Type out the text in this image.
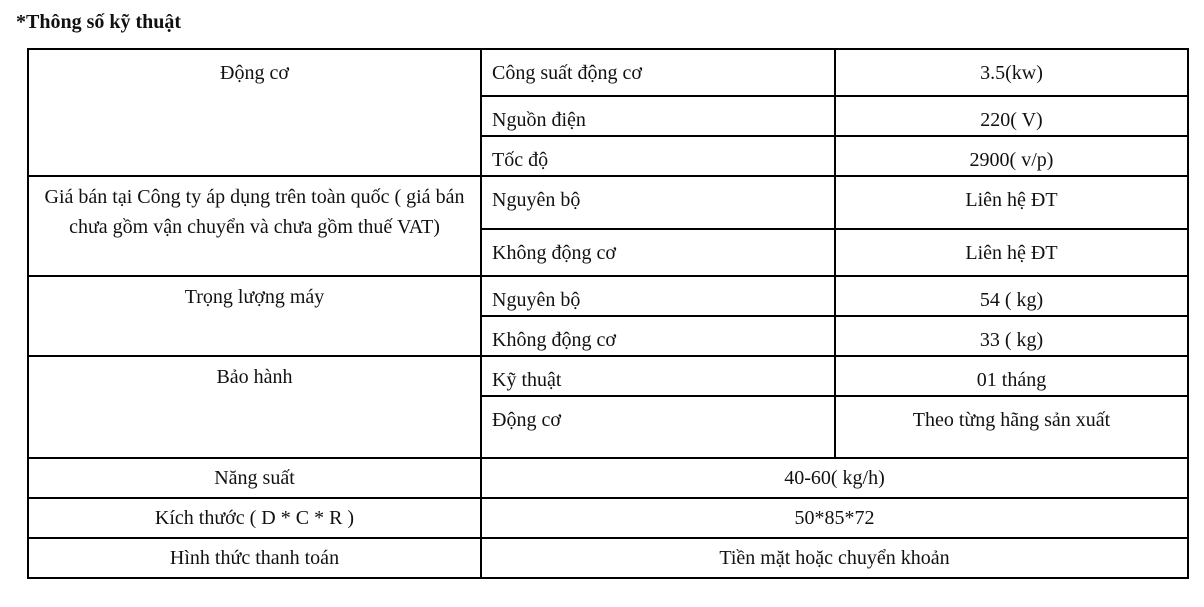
*Thông số kỹ thuật
Động cơ	Công suất động cơ	3.5(kw)
	Nguồn điện	220( V)
	Tốc độ	2900( v/p)
Giá bán tại Công ty áp dụng trên toàn quốc ( giá bán chưa gồm vận chuyển và chưa gồm thuế VAT)	Nguyên bộ	Liên hệ ĐT
	Không động cơ	Liên hệ ĐT
Trọng lượng máy	Nguyên bộ	54 ( kg)
	Không động cơ	33 ( kg)
Bảo hành	Kỹ thuật	01 tháng
	Động cơ	Theo từng hãng sản xuất
Năng suất	40-60( kg/h)	
Kích thước ( D * C * R )	50*85*72	
Hình thức thanh toán	Tiền mặt hoặc chuyển khoản	
